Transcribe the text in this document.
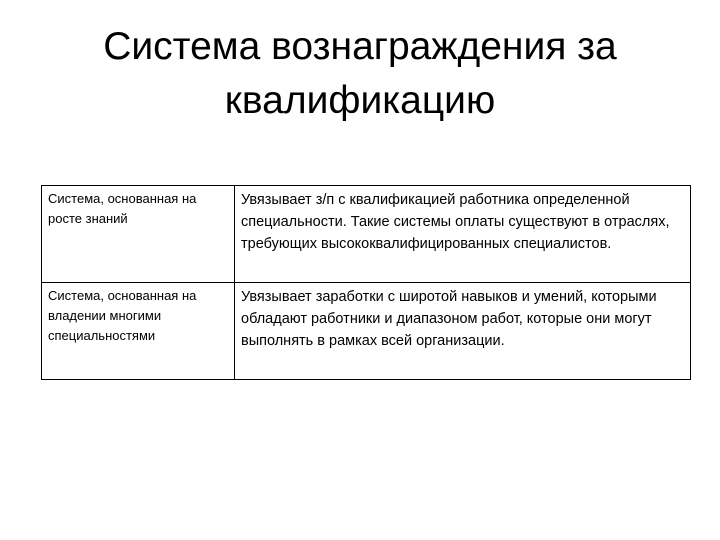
Система вознаграждения за квалификацию
Система, основанная на росте знаний	Увязывает з/п с квалификацией работника определенной специальности. Такие системы оплаты существуют в отраслях, требующих высококвалифицированных специалистов.
Система, основанная на владении многими специальностями	Увязывает заработки с широтой навыков и умений, которыми обладают работники и диапазоном работ, которые они могут выполнять в рамках всей организации.
